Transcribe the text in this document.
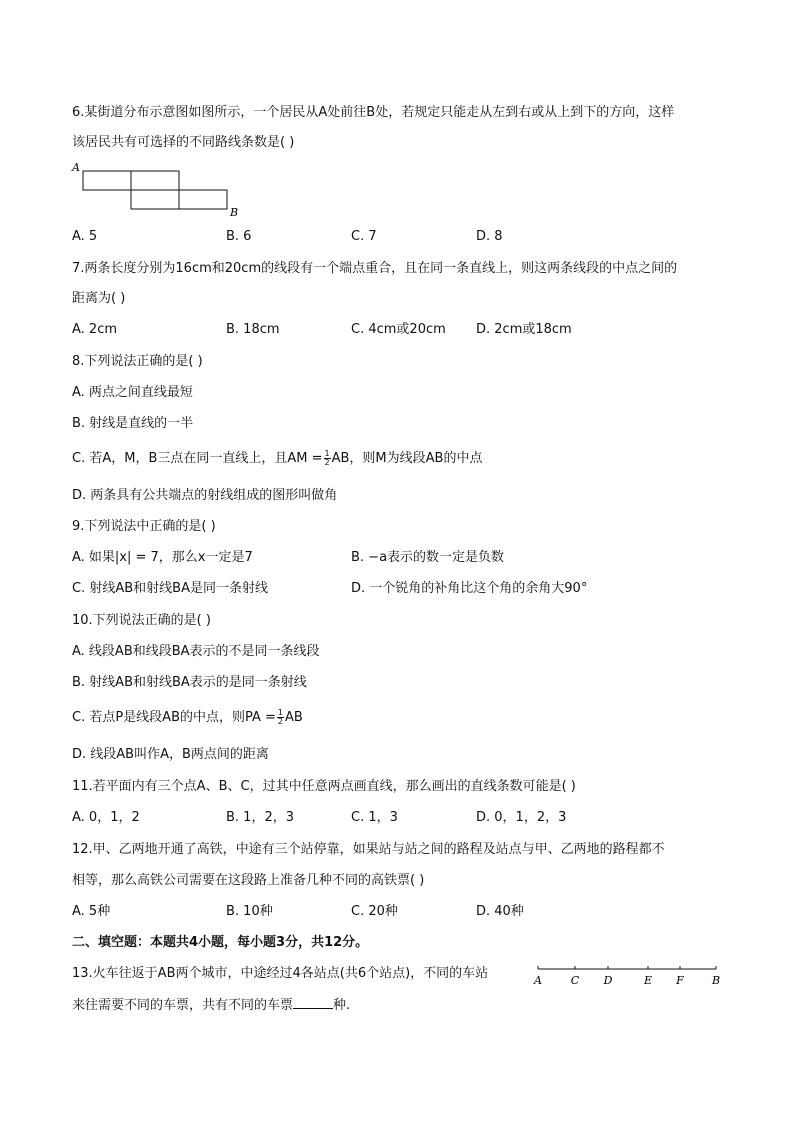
6.某街道分布示意图如图所示，一个居民从A处前往B处，若规定只能走从左到右或从上到下的方向，这样
该居民共有可选择的不同路线条数是( )
A
B
A. 5	B. 6	C. 7	D. 8
7.两条长度分别为16cm和20cm的线段有一个端点重合，且在同一条直线上，则这两条线段的中点之间的
距离为( )
A. 2cm	B. 18cm	C. 4cm或20cm D. 2cm或18cm
8.下列说法正确的是( )
A. 两点之间直线最短
B. 射线是直线的一半
C. 若A，M，B三点在同一直线上，且AM = $\frac{1}{2}$ AB，则M为线段AB的中点
D. 两条具有公共端点的射线组成的图形叫做角
9.下列说法中正确的是( )
A. 如果|x| = 7，那么x一定是7	B. −a表示的数一定是负数
C. 射线AB和射线BA是同一条射线	D. 一个锐角的补角比这个角的余角大90°
10.下列说法正确的是( )
A. 线段AB和线段BA表示的不是同一条线段
B. 射线AB和射线BA表示的是同一条射线
C. 若点P是线段AB的中点，则PA = $\frac{1}{2}$ AB
D. 线段AB叫作A，B两点间的距离
11.若平面内有三个点A、B、C，过其中任意两点画直线，那么画出的直线条数可能是( )
A. 0，1，2	B. 1，2，3	C. 1，3	D. 0，1，2，3
12.甲、乙两地开通了高铁，中途有三个站停靠，如果站与站之间的路程及站点与甲、乙两地的路程都不
相等，那么高铁公司需要在这段路上准备几种不同的高铁票( )
A. 5种	B. 10种	C. 20种	D. 40种
二、填空题：本题共4小题，每小题3分，共12分。
13.火车往返于AB两个城市，中途经过4各站点(共6个站点)，不同的车站
来往需要不同的车票，共有不同的车票	种.
A	C D	E F	B
